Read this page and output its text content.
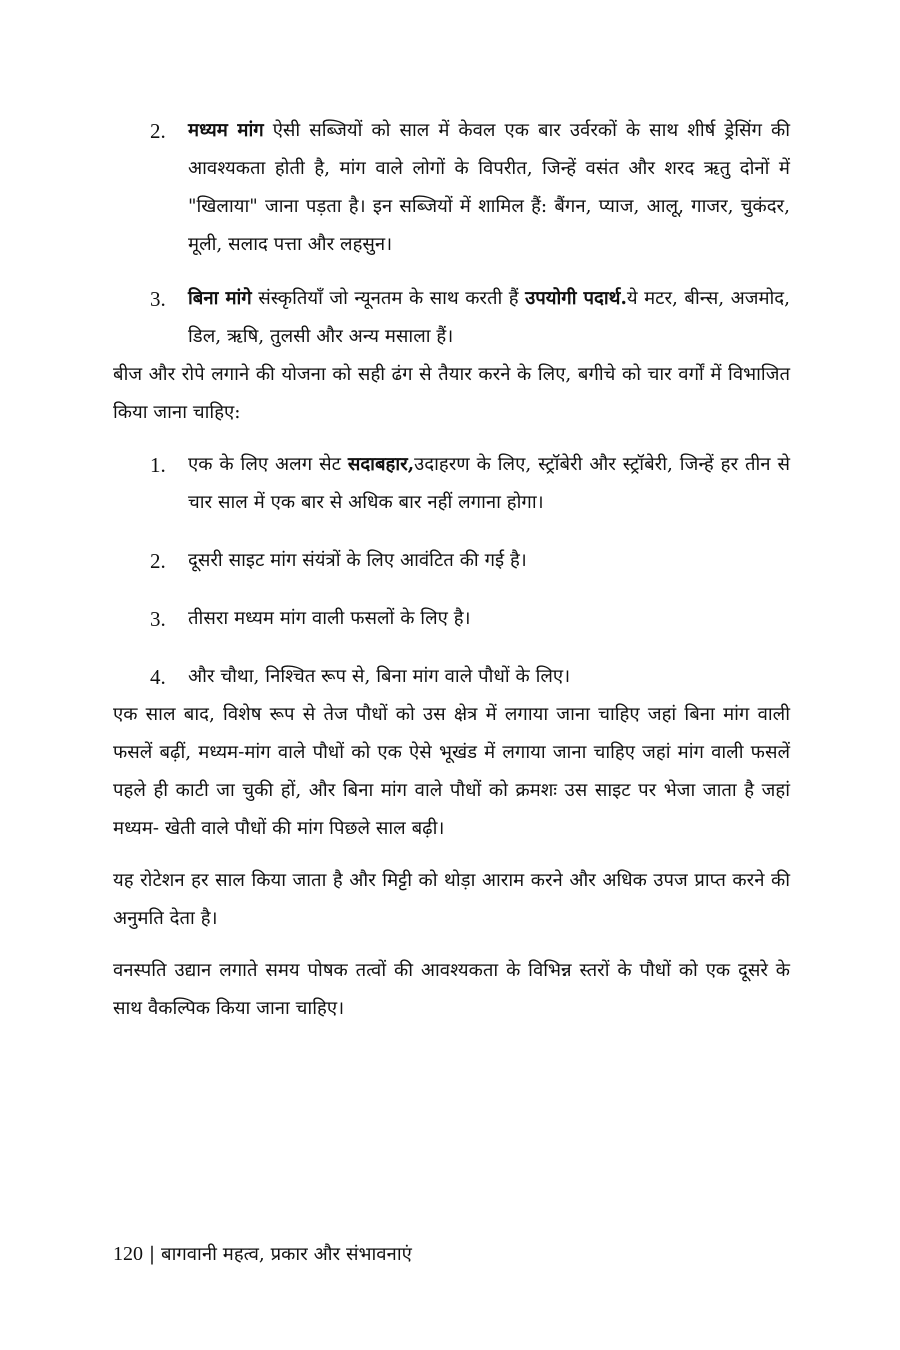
2. मध्यम मांग ऐसी सब्जियों को साल में केवल एक बार उर्वरकों के साथ शीर्ष ड्रेसिंग की आवश्यकता होती है, मांग वाले लोगों के विपरीत, जिन्हें वसंत और शरद ऋतु दोनों में "खिलाया" जाना पड़ता है। इन सब्जियों में शामिल हैं: बैंगन, प्याज, आलू, गाजर, चुकंदर, मूली, सलाद पत्ता और लहसुन।
3. बिना मांगे संस्कृतियाँ जो न्यूनतम के साथ करती हैं उपयोगी पदार्थ.ये मटर, बीन्स, अजमोद, डिल, ऋषि, तुलसी और अन्य मसाला हैं।

बीज और रोपे लगाने की योजना को सही ढंग से तैयार करने के लिए, बगीचे को चार वर्गों में विभाजित किया जाना चाहिए:

1. एक के लिए अलग सेट सदाबहार,उदाहरण के लिए, स्ट्रॉबेरी और स्ट्रॉबेरी, जिन्हें हर तीन से चार साल में एक बार से अधिक बार नहीं लगाना होगा।
2. दूसरी साइट मांग संयंत्रों के लिए आवंटित की गई है।
3. तीसरा मध्यम मांग वाली फसलों के लिए है।
4. और चौथा, निश्चित रूप से, बिना मांग वाले पौधों के लिए।

एक साल बाद, विशेष रूप से तेज पौधों को उस क्षेत्र में लगाया जाना चाहिए जहां बिना मांग वाली फसलें बढ़ीं, मध्यम-मांग वाले पौधों को एक ऐसे भूखंड में लगाया जाना चाहिए जहां मांग वाली फसलें पहले ही काटी जा चुकी हों, और बिना मांग वाले पौधों को क्रमशः उस साइट पर भेजा जाता है जहां मध्यम- खेती वाले पौधों की मांग पिछले साल बढ़ी।

यह रोटेशन हर साल किया जाता है और मिट्टी को थोड़ा आराम करने और अधिक उपज प्राप्त करने की अनुमति देता है।

वनस्पति उद्यान लगाते समय पोषक तत्वों की आवश्यकता के विभिन्न स्तरों के पौधों को एक दूसरे के साथ वैकल्पिक किया जाना चाहिए।

120 | बागवानी महत्व, प्रकार और संभावनाएं
